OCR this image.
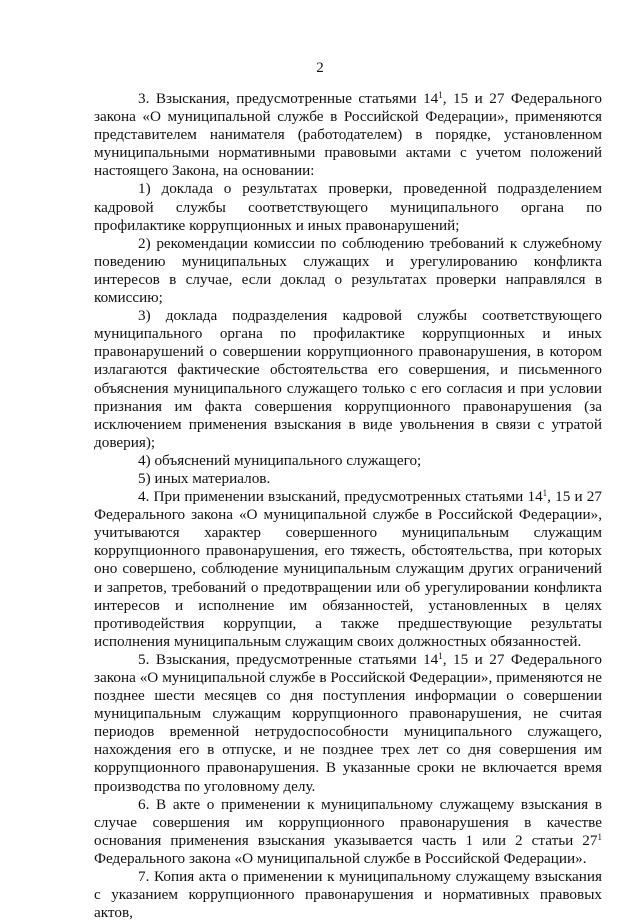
2

3. Взыскания, предусмотренные статьями $14^1$, 15 и 27 Федерального закона «О муниципальной службе в Российской Федерации», применяются представителем нанимателя (работодателем) в порядке, установленном муниципальными нормативными правовыми актами с учетом положений настоящего Закона, на основании:

1) доклада о результатах проверки, проведенной подразделением кадровой службы соответствующего муниципального органа по профилактике коррупционных и иных правонарушений;

2) рекомендации комиссии по соблюдению требований к служебному поведению муниципальных служащих и урегулированию конфликта интересов в случае, если доклад о результатах проверки направлялся в комиссию;

3) доклада подразделения кадровой службы соответствующего муниципального органа по профилактике коррупционных и иных правонарушений о совершении коррупционного правонарушения, в котором излагаются фактические обстоятельства его совершения, и письменного объяснения муниципального служащего только с его согласия и при условии признания им факта совершения коррупционного правонарушения (за исключением применения взыскания в виде увольнения в связи с утратой доверия);

4) объяснений муниципального служащего;

5) иных материалов.

4. При применении взысканий, предусмотренных статьями $14^1$, 15 и 27 Федерального закона «О муниципальной службе в Российской Федерации», учитываются характер совершенного муниципальным служащим коррупционного правонарушения, его тяжесть, обстоятельства, при которых оно совершено, соблюдение муниципальным служащим других ограничений и запретов, требований о предотвращении или об урегулировании конфликта интересов и исполнение им обязанностей, установленных в целях противодействия коррупции, а также предшествующие результаты исполнения муниципальным служащим своих должностных обязанностей.

5. Взыскания, предусмотренные статьями $14^1$, 15 и 27 Федерального закона «О муниципальной службе в Российской Федерации», применяются не позднее шести месяцев со дня поступления информации о совершении муниципальным служащим коррупционного правонарушения, не считая периодов временной нетрудоспособности муниципального служащего, нахождения его в отпуске, и не позднее трех лет со дня совершения им коррупционного правонарушения. В указанные сроки не включается время производства по уголовному делу.

6. В акте о применении к муниципальному служащему взыскания в случае совершения им коррупционного правонарушения в качестве основания применения взыскания указывается часть 1 или 2 статьи $27^1$ Федерального закона «О муниципальной службе в Российской Федерации».

7. Копия акта о применении к муниципальному служащему взыскания с указанием коррупционного правонарушения и нормативных правовых актов,
